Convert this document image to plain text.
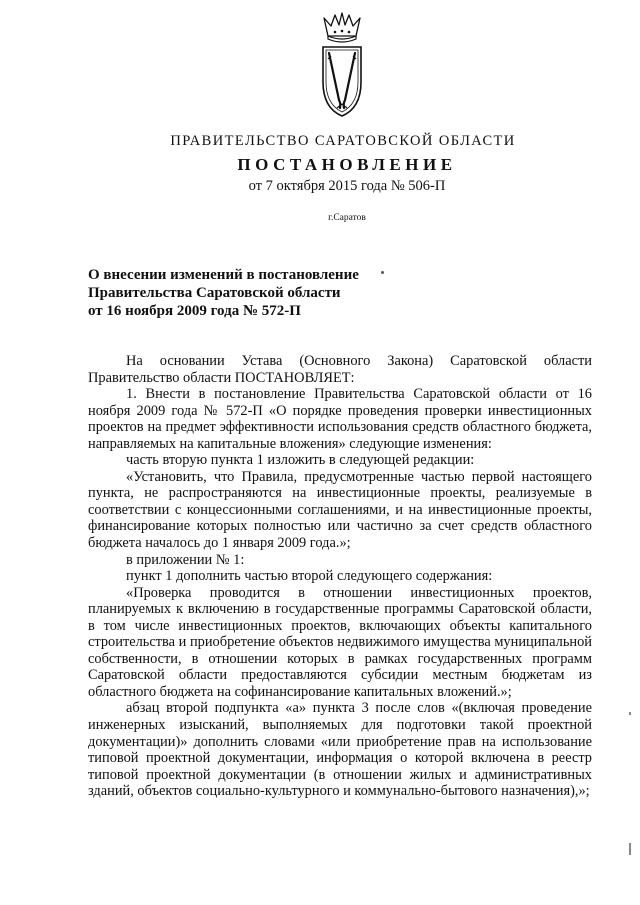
ПРАВИТЕЛЬСТВО САРАТОВСКОЙ ОБЛАСТИ
ПОСТАНОВЛЕНИЕ
от 7 октября 2015 года № 506-П
г.Саратов
О внесении изменений в постановление
Правительства Саратовской области
от 16 ноября 2009 года № 572-П

На основании Устава (Основного Закона) Саратовской области Правительство области ПОСТАНОВЛЯЕТ:

1. Внести в постановление Правительства Саратовской области от 16 ноября 2009 года № 572-П «О порядке проведения проверки инвестиционных проектов на предмет эффективности использования средств областного бюджета, направляемых на капитальные вложения» следующие изменения:

часть вторую пункта 1 изложить в следующей редакции:

«Установить, что Правила, предусмотренные частью первой настоящего пункта, не распространяются на инвестиционные проекты, реализуемые в соответствии с концессионными соглашениями, и на инвестиционные проекты, финансирование которых полностью или частично за счет средств областного бюджета началось до 1 января 2009 года.»;

в приложении № 1:

пункт 1 дополнить частью второй следующего содержания:

«Проверка проводится в отношении инвестиционных проектов, планируемых к включению в государственные программы Саратовской области, в том числе инвестиционных проектов, включающих объекты капитального строительства и приобретение объектов недвижимого имущества муниципальной собственности, в отношении которых в рамках государственных программ Саратовской области предоставляются субсидии местным бюджетам из областного бюджета на софинансирование капитальных вложений.»;

абзац второй подпункта «а» пункта 3 после слов «(включая проведение инженерных изысканий, выполняемых для подготовки такой проектной документации)» дополнить словами «или приобретение прав на использование типовой проектной документации, информация о которой включена в реестр типовой проектной документации (в отношении жилых и административных зданий, объектов социально-культурного и коммунально-бытового назначения),»;
